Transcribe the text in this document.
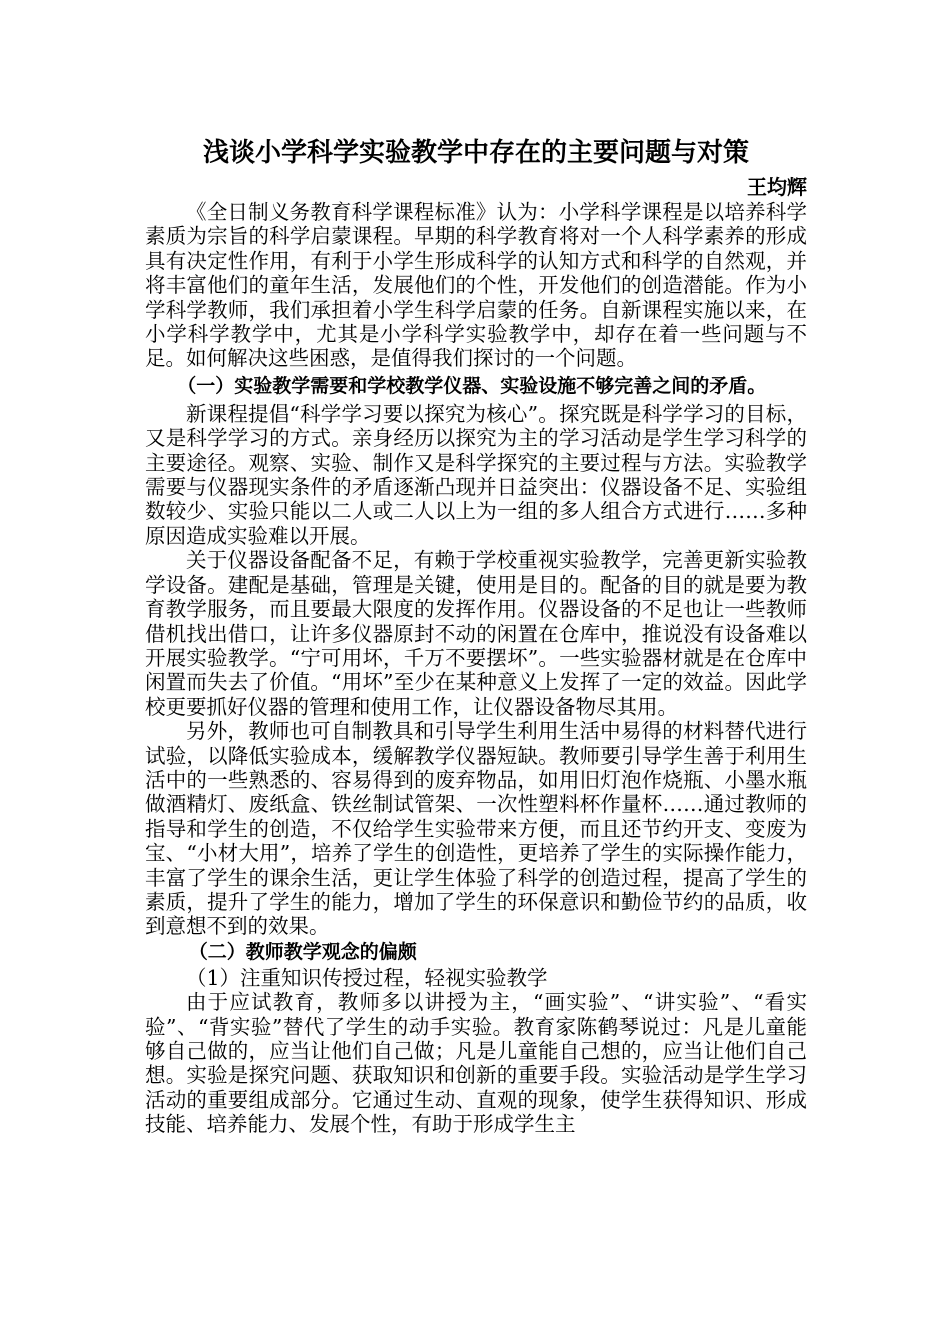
浅谈小学科学实验教学中存在的主要问题与对策
王均辉

《全日制义务教育科学课程标准》认为：小学科学课程是以培养科学素质为宗旨的科学启蒙课程。早期的科学教育将对一个人科学素养的形成具有决定性作用，有利于小学生形成科学的认知方式和科学的自然观，并将丰富他们的童年生活，发展他们的个性，开发他们的创造潜能。作为小学科学教师，我们承担着小学生科学启蒙的任务。自新课程实施以来，在小学科学教学中，尤其是小学科学实验教学中，却存在着一些问题与不足。如何解决这些困惑，是值得我们探讨的一个问题。

（一）实验教学需要和学校教学仪器、实验设施不够完善之间的矛盾。

新课程提倡“科学学习要以探究为核心”。探究既是科学学习的目标，又是科学学习的方式。亲身经历以探究为主的学习活动是学生学习科学的主要途径。观察、实验、制作又是科学探究的主要过程与方法。实验教学需要与仪器现实条件的矛盾逐渐凸现并日益突出：仪器设备不足、实验组数较少、实验只能以二人或二人以上为一组的多人组合方式进行……多种原因造成实验难以开展。

关于仪器设备配备不足，有赖于学校重视实验教学，完善更新实验教学设备。建配是基础，管理是关键，使用是目的。配备的目的就是要为教育教学服务，而且要最大限度的发挥作用。仪器设备的不足也让一些教师借机找出借口，让许多仪器原封不动的闲置在仓库中，推说没有设备难以开展实验教学。“宁可用坏，千万不要摆坏”。一些实验器材就是在仓库中闲置而失去了价值。“用坏”至少在某种意义上发挥了一定的效益。因此学校更要抓好仪器的管理和使用工作，让仪器设备物尽其用。

另外，教师也可自制教具和引导学生利用生活中易得的材料替代进行试验，以降低实验成本，缓解教学仪器短缺。教师要引导学生善于利用生活中的一些熟悉的、容易得到的废弃物品，如用旧灯泡作烧瓶、小墨水瓶做酒精灯、废纸盒、铁丝制试管架、一次性塑料杯作量杯……通过教师的指导和学生的创造，不仅给学生实验带来方便，而且还节约开支、变废为宝、“小材大用”，培养了学生的创造性，更培养了学生的实际操作能力，丰富了学生的课余生活，更让学生体验了科学的创造过程，提高了学生的素质，提升了学生的能力，增加了学生的环保意识和勤俭节约的品质，收到意想不到的效果。

（二）教师教学观念的偏颇

（1）注重知识传授过程，轻视实验教学

由于应试教育，教师多以讲授为主，“画实验”、“讲实验”、“看实验”、“背实验”替代了学生的动手实验。教育家陈鹤琴说过：凡是儿童能够自己做的，应当让他们自己做；凡是儿童能自己想的，应当让他们自己想。实验是探究问题、获取知识和创新的重要手段。实验活动是学生学习活动的重要组成部分。它通过生动、直观的现象，使学生获得知识、形成技能、培养能力、发展个性，有助于形成学生主
